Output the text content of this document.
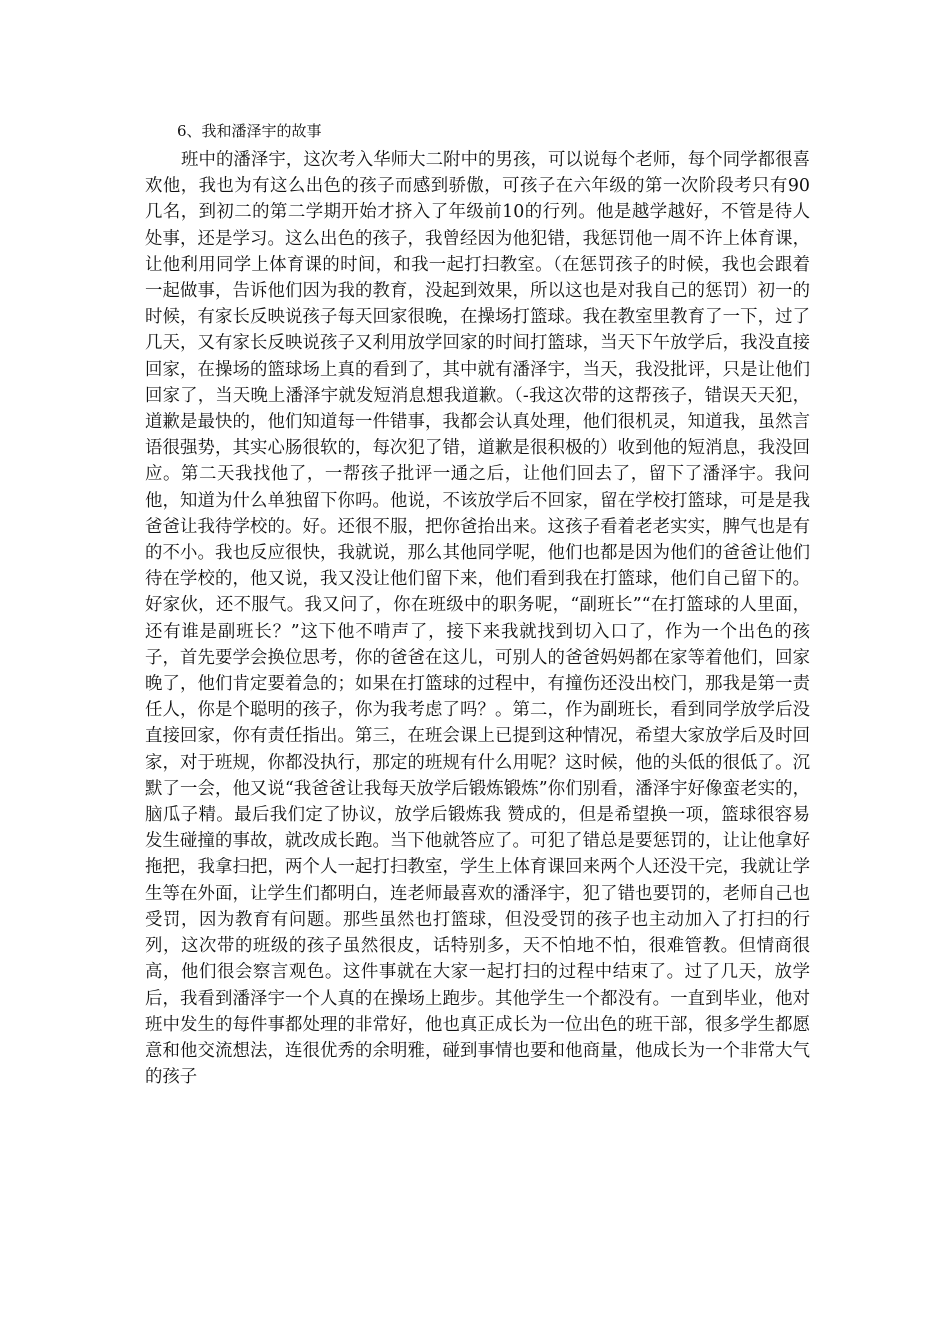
6、我和潘泽宇的故事

班中的潘泽宇，这次考入华师大二附中的男孩，可以说每个老师，每个同学都很喜欢他，我也为有这么出色的孩子而感到骄傲，可孩子在六年级的第一次阶段考只有90几名，到初二的第二学期开始才挤入了年级前10的行列。他是越学越好，不管是待人处事，还是学习。这么出色的孩子，我曾经因为他犯错，我惩罚他一周不许上体育课，让他利用同学上体育课的时间，和我一起打扫教室。（在惩罚孩子的时候，我也会跟着一起做事，告诉他们因为我的教育，没起到效果，所以这也是对我自己的惩罚）初一的时候，有家长反映说孩子每天回家很晚，在操场打篮球。我在教室里教育了一下，过了几天，又有家长反映说孩子又利用放学回家的时间打篮球，当天下午放学后，我没直接回家，在操场的篮球场上真的看到了，其中就有潘泽宇，当天，我没批评，只是让他们回家了，当天晚上潘泽宇就发短消息想我道歉。（-我这次带的这帮孩子，错误天天犯，道歉是最快的，他们知道每一件错事，我都会认真处理，他们很机灵，知道我，虽然言语很强势，其实心肠很软的，每次犯了错，道歉是很积极的）收到他的短消息，我没回应。第二天我找他了，一帮孩子批评一通之后，让他们回去了，留下了潘泽宇。我问他，知道为什么单独留下你吗。他说，不该放学后不回家，留在学校打篮球，可是是我爸爸让我待学校的。好。还很不服，把你爸抬出来。这孩子看着老老实实，脾气也是有的不小。我也反应很快，我就说，那么其他同学呢，他们也都是因为他们的爸爸让他们待在学校的，他又说，我又没让他们留下来，他们看到我在打篮球，他们自己留下的。好家伙，还不服气。我又问了，你在班级中的职务呢，“副班长”“在打篮球的人里面，还有谁是副班长？”这下他不啃声了，接下来我就找到切入口了，作为一个出色的孩子，首先要学会换位思考，你的爸爸在这儿，可别人的爸爸妈妈都在家等着他们，回家晚了，他们肯定要着急的；如果在打篮球的过程中，有撞伤还没出校门，那我是第一责任人，你是个聪明的孩子，你为我考虑了吗？。第二，作为副班长，看到同学放学后没直接回家，你有责任指出。第三，在班会课上已提到这种情况，希望大家放学后及时回家，对于班规，你都没执行，那定的班规有什么用呢？这时候，他的头低的很低了。沉默了一会，他又说“我爸爸让我每天放学后锻炼锻炼”你们别看，潘泽宇好像蛮老实的，脑瓜子精。最后我们定了协议，放学后锻炼我 赞成的，但是希望换一项，篮球很容易发生碰撞的事故，就改成长跑。当下他就答应了。可犯了错总是要惩罚的，让让他拿好拖把，我拿扫把，两个人一起打扫教室，学生上体育课回来两个人还没干完，我就让学生等在外面，让学生们都明白，连老师最喜欢的潘泽宇，犯了错也要罚的，老师自己也受罚，因为教育有问题。那些虽然也打篮球，但没受罚的孩子也主动加入了打扫的行列，这次带的班级的孩子虽然很皮，话特别多，天不怕地不怕，很难管教。但情商很高，他们很会察言观色。这件事就在大家一起打扫的过程中结束了。过了几天，放学后，我看到潘泽宇一个人真的在操场上跑步。其他学生一个都没有。一直到毕业，他对班中发生的每件事都处理的非常好，他也真正成长为一位出色的班干部，很多学生都愿意和他交流想法，连很优秀的余明雅，碰到事情也要和他商量，他成长为一个非常大气的孩子
